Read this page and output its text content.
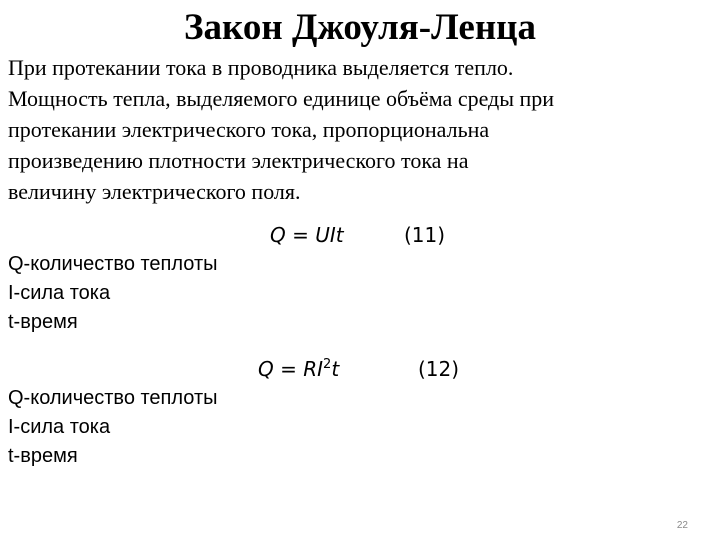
Закон Джоуля-Ленца
При протекании тока в проводника выделяется тепло.
Мощность тепла, выделяемого единице объёма среды при
протекании электрического тока, пропорциональна
произведению плотности электрического тока на
величину электрического поля.
Q = UIt	(11)
Q-количество теплоты
I-сила тока
t-время
$Q = RI^2t$	(12)
Q-количество теплоты
I-сила тока
t-время
22
